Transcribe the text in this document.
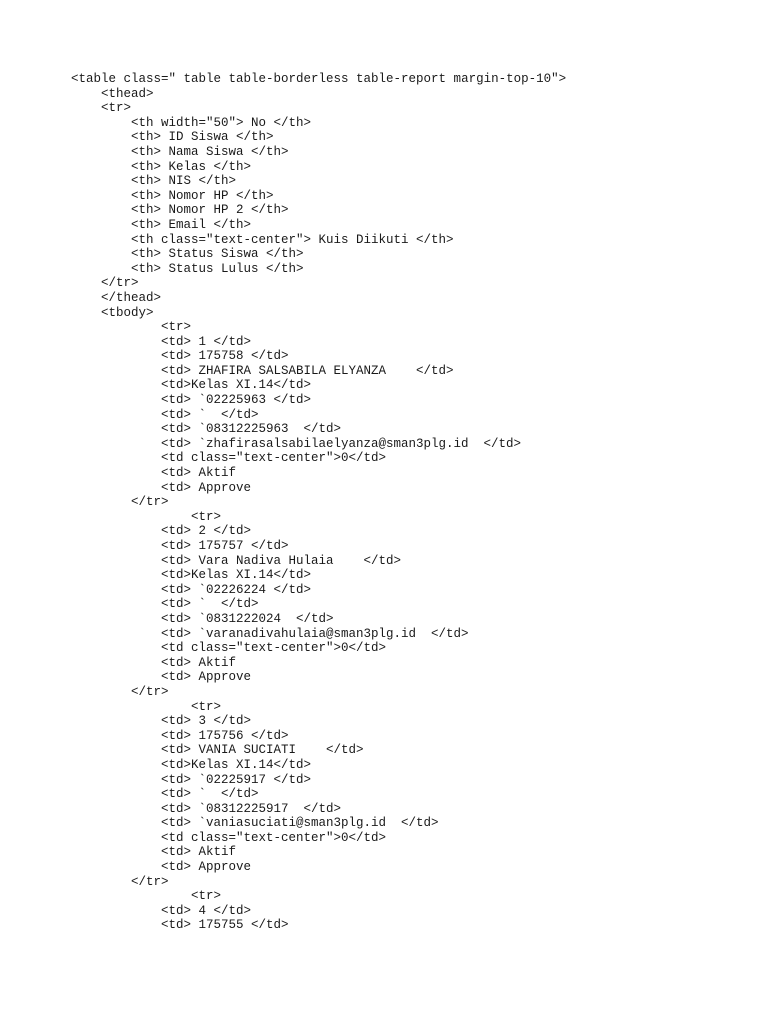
<table class=" table table-borderless table-report margin-top-10">
<thead>
<tr>
<th width="50"> No </th>
<th> ID Siswa </th>
<th> Nama Siswa </th>
<th> Kelas </th>
<th> NIS </th>
<th> Nomor HP </th>
<th> Nomor HP 2 </th>
<th> Email </th>
<th class="text-center"> Kuis Diikuti </th>
<th> Status Siswa </th>
<th> Status Lulus </th>
</tr>
</thead>
<tbody>
<tr>
<td> 1 </td>
<td> 175758 </td>
<td> ZHAFIRA SALSABILA ELYANZA    </td>
<td>Kelas XI.14</td>
<td> `02225963 </td>
<td> `  </td>
<td> `08312225963  </td>
<td> `zhafirasalsabilaelyanza@sman3plg.id  </td>
<td class="text-center">0</td>
<td> Aktif
<td> Approve
</tr>
<tr>
<td> 2 </td>
<td> 175757 </td>
<td> Vara Nadiva Hulaia    </td>
<td>Kelas XI.14</td>
<td> `02226224 </td>
<td> `  </td>
<td> `0831222024  </td>
<td> `varanadivahulaia@sman3plg.id  </td>
<td class="text-center">0</td>
<td> Aktif
<td> Approve
</tr>
<tr>
<td> 3 </td>
<td> 175756 </td>
<td> VANIA SUCIATI    </td>
<td>Kelas XI.14</td>
<td> `02225917 </td>
<td> `  </td>
<td> `08312225917  </td>
<td> `vaniasuciati@sman3plg.id  </td>
<td class="text-center">0</td>
<td> Aktif
<td> Approve
</tr>
<tr>
<td> 4 </td>
<td> 175755 </td>
